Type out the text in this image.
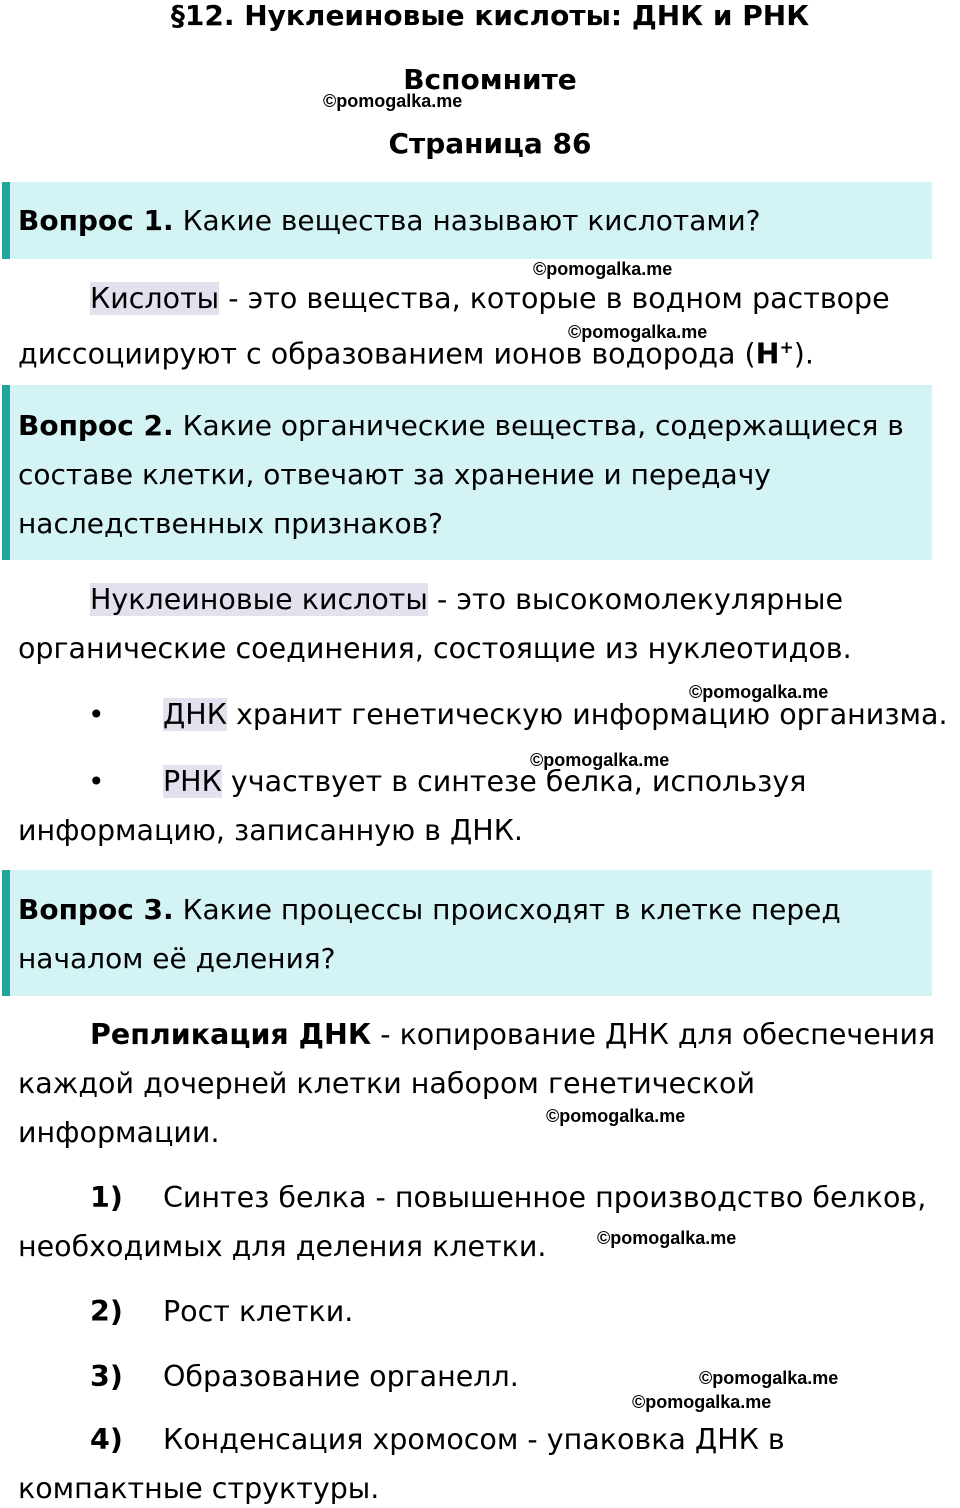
§12. Нуклеиновые кислоты: ДНК и РНК
Вспомните
Страница 86
Вопрос 1. Какие вещества называют кислотами?
Кислоты - это вещества, которые в водном растворе
диссоциируют с образованием ионов водорода (H+).
Вопрос 2. Какие органические вещества, содержащиеся в составе клетки, отвечают за хранение и передачу наследственных признаков?
Нуклеиновые кислоты - это высокомолекулярные
органические соединения, состоящие из нуклеотидов.
• ДНК хранит генетическую информацию организма.
• РНК участвует в синтезе белка, используя
информацию, записанную в ДНК.
Вопрос 3. Какие процессы происходят в клетке перед началом её деления?
Репликация ДНК - копирование ДНК для обеспечения
каждой дочерней клетки набором генетической
информации.
1) Синтез белка - повышенное производство белков,
необходимых для деления клетки.
2) Рост клетки.
3) Образование органелл.
4) Конденсация хромосом - упаковка ДНК в
компактные структуры.
©pomogalka.me
©pomogalka.me
©pomogalka.me
©pomogalka.me
©pomogalka.me
©pomogalka.me
©pomogalka.me
©pomogalka.me
©pomogalka.me
